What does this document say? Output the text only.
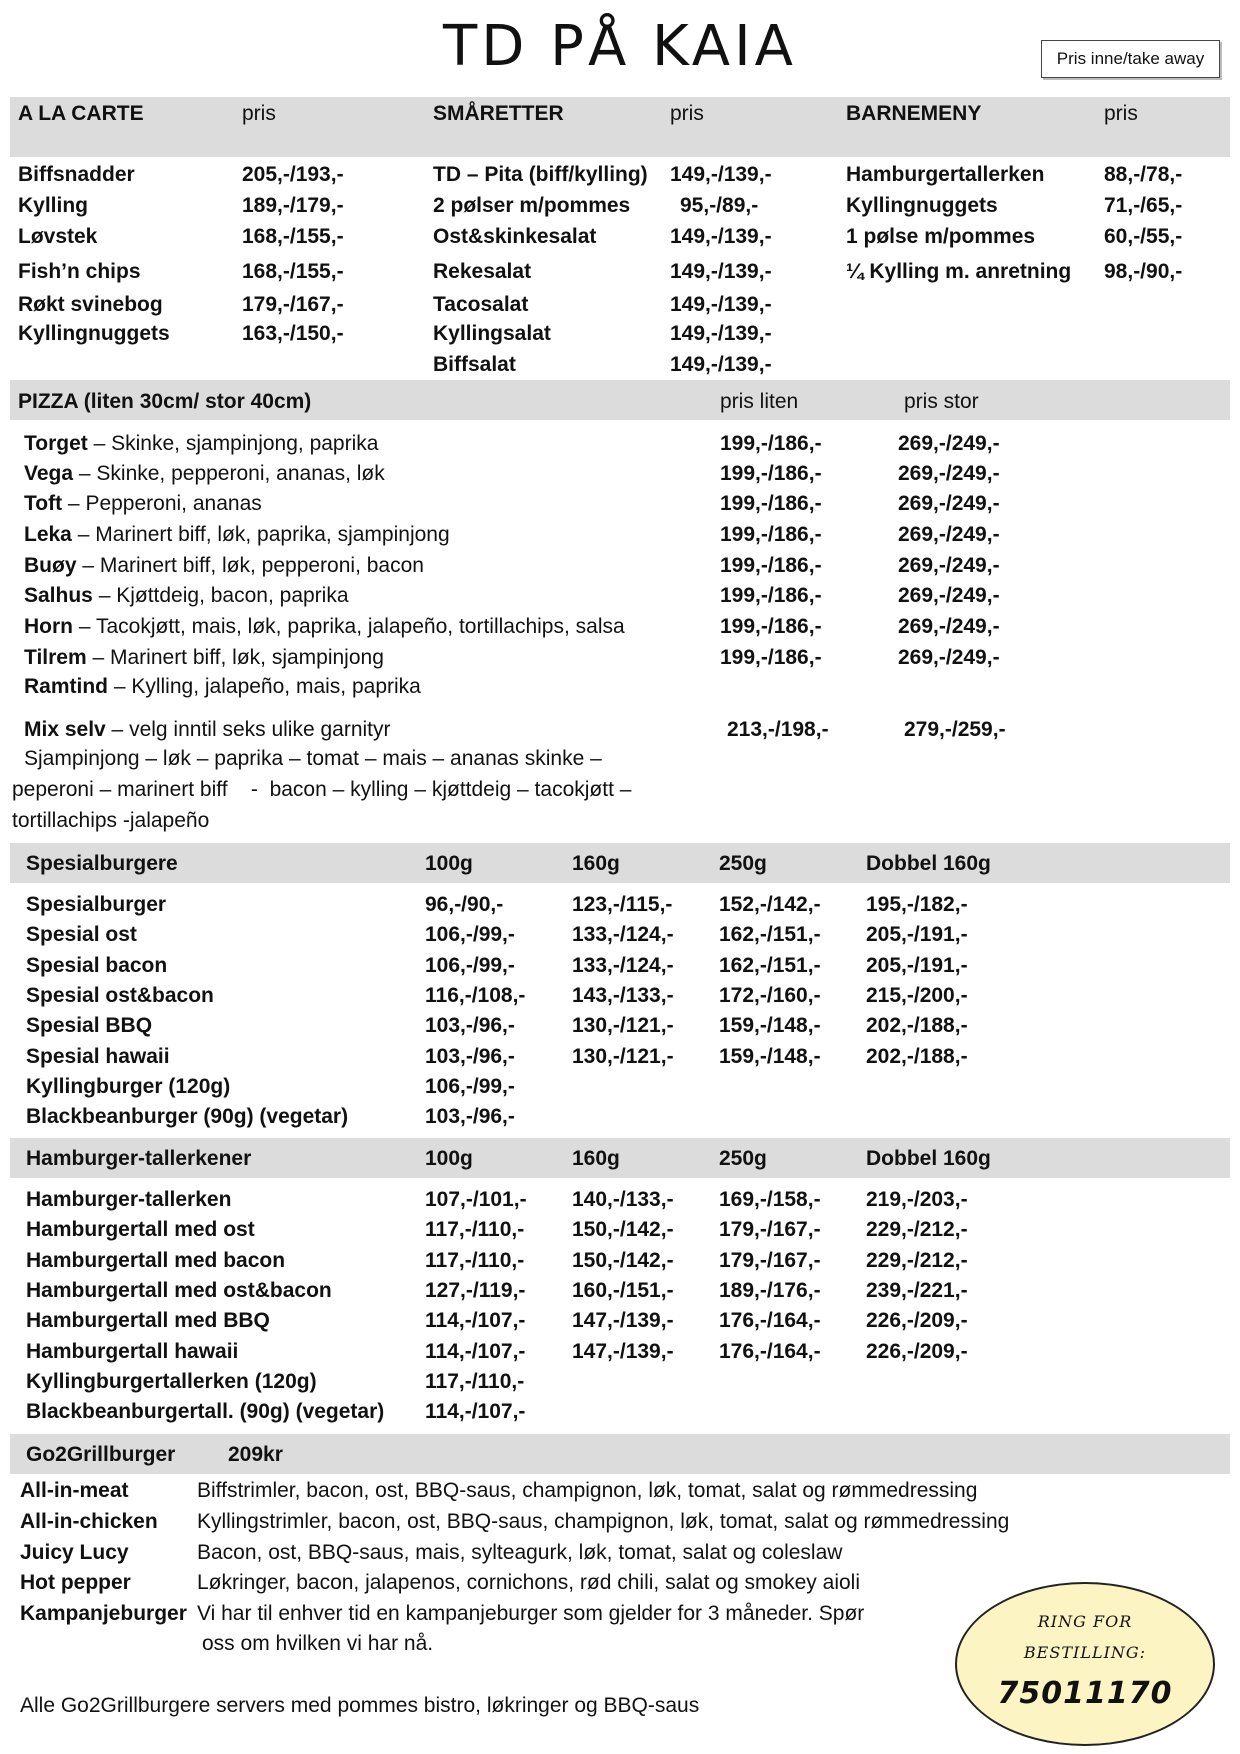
TD PÅ KAIA	Pris inne/take away
A LA CARTE	pris	SMÅRETTER	pris	BARNEMENY	pris
Biffsnadder	205,-/193,-
Kylling	189,-/179,-
Løvstek	168,-/155,-
Fish’n chips	168,-/155,-
Røkt svinebog	179,-/167,-
Kyllingnuggets	163,-/150,-
TD – Pita (biff/kylling) 149,-/139,-
2 pølser m/pommes 95,-/89,-
Ost&skinkesalat	149,-/139,-
Rekesalat	149,-/139,-
Tacosalat	149,-/139,-
Kyllingsalat	149,-/139,-
Biffsalat	149,-/139,-
Hamburgertallerken	88,-/78,-
Kyllingnuggets	71,-/65,-
1 pølse m/pommes	60,-/55,-
¼ Kylling m. anretning 98,-/90,-
PIZZA (liten 30cm/ stor 40cm)	pris liten	pris stor
Torget – Skinke, sjampinjong, paprika	199,-/186,-	269,-/249,-
Vega – Skinke, pepperoni, ananas, løk	199,-/186,-	269,-/249,-
Toft – Pepperoni, ananas	199,-/186,-	269,-/249,-
Leka – Marinert biff, løk, paprika, sjampinjong	199,-/186,-	269,-/249,-
Buøy – Marinert biff, løk, pepperoni, bacon	199,-/186,-	269,-/249,-
Salhus – Kjøttdeig, bacon, paprika	199,-/186,-	269,-/249,-
Horn – Tacokjøtt, mais, løk, paprika, jalapeño, tortillachips, salsa	199,-/186,-	269,-/249,-
Tilrem – Marinert biff, løk, sjampinjong	199,-/186,-	269,-/249,-
Ramtind – Kylling, jalapeño, mais, paprika
Mix selv – velg inntil seks ulike garnityr	213,-/198,-	279,-/259,-
Sjampinjong – løk – paprika – tomat – mais – ananas skinke –
peperoni – marinert biff    -  bacon – kylling – kjøttdeig – tacokjøtt –
tortillachips -jalapeño
Spesialburgere	100g	160g	250g	Dobbel 160g
Spesialburger	96,-/90,-	123,-/115,- 152,-/142,- 195,-/182,-
Spesial ost	106,-/99,-	133,-/124,- 162,-/151,- 205,-/191,-
Spesial bacon	106,-/99,-	133,-/124,- 162,-/151,- 205,-/191,-
Spesial ost&bacon	116,-/108,- 143,-/133,- 172,-/160,- 215,-/200,-
Spesial BBQ	103,-/96,-	130,-/121,- 159,-/148,- 202,-/188,-
Spesial hawaii	103,-/96,-	130,-/121,- 159,-/148,- 202,-/188,-
Kyllingburger (120g)	106,-/99,-
Blackbeanburger (90g) (vegetar)	103,-/96,-
Hamburger-tallerkener	100g	160g	250g	Dobbel 160g
Hamburger-tallerken	107,-/101,- 140,-/133,- 169,-/158,- 219,-/203,-
Hamburgertall med ost	117,-/110,- 150,-/142,- 179,-/167,- 229,-/212,-
Hamburgertall med bacon	117,-/110,- 150,-/142,- 179,-/167,- 229,-/212,-
Hamburgertall med ost&bacon	127,-/119,- 160,-/151,- 189,-/176,- 239,-/221,-
Hamburgertall med BBQ	114,-/107,- 147,-/139,- 176,-/164,- 226,-/209,-
Hamburgertall hawaii	114,-/107,- 147,-/139,- 176,-/164,- 226,-/209,-
Kyllingburgertallerken (120g)	117,-/110,-
Blackbeanburgertall. (90g) (vegetar) 114,-/107,-
Go2Grillburger	209kr
All-in-meat	Biffstrimler, bacon, ost, BBQ-saus, champignon, løk, tomat, salat og rømmedressing
All-in-chicken Kyllingstrimler, bacon, ost, BBQ-saus, champignon, løk, tomat, salat og rømmedressing
Juicy Lucy	Bacon, ost, BBQ-saus, mais, sylteagurk, løk, tomat, salat og coleslaw
Hot pepper	Løkringer, bacon, jalapenos, cornichons, rød chili, salat og smokey aioli
Kampanjeburger Vi har til enhver tid en kampanjeburger som gjelder for 3 måneder. Spør
oss om hvilken vi har nå.
Alle Go2Grillburgere servers med pommes bistro, løkringer og BBQ-saus
RING FOR
BESTILLING:
75011170
